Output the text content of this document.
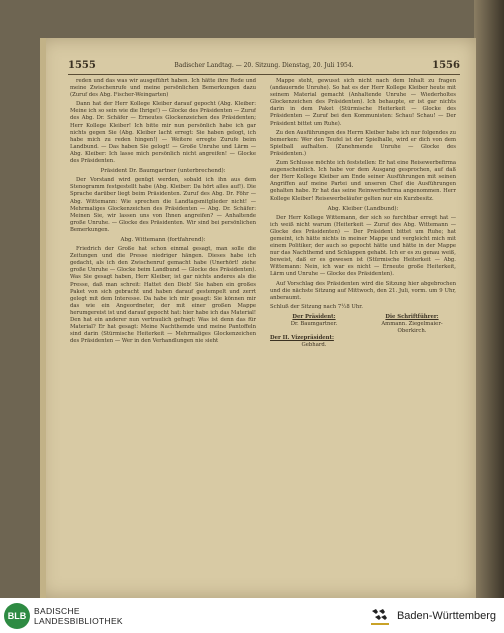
1555	Badischer Landtag. — 20. Sitzung. Dienstag, 20. Juli 1954.	1556

reden und das was wir ausgeführt haben. Ich hätte ihre Rede und meine Zwischenrufe und meine persönlichen Bemerkungen dazu (Zuruf des Abg. Fischer-Weingarten)

Dann hat der Herr Kollege Kleiber darauf gepocht (Abg. Kleiber: Meine ich so sein wie die Ihrige!) — Glocke des Präsidenten — Zuruf des Abg. Dr. Schäfer — Erneutes Glockenzeichen des Präsidenten; Herr Kollege Kleiber! Ich bitte mir nun persönlich habe ich gar nichts gegen Sie (Abg. Kleiber lacht erregt: Sie haben gelogt, ich habe mich zu reden hingen!) — Weitere erregte Zurufe beim Landbund. — Das haben Sie gelogt! — Große Unruhe und Lärm — Abg. Kleiber: Ich lasse mich persönlich nicht angreifen! — Glocke des Präsidenten.

Präsident Dr. Baumgartner (unterbrechend):

Der Vorstand wird genügt werden, sobald ich ihn aus dem Stenogramm festgestellt habe (Abg. Kleiber: Da hört alles auf!). Die Sprache darüber liegt beim Präsidenten. Zuruf des Abg. Dr. Föhr — Abg. Wittemann: Wie sprechen die Landtagsmitglieder nicht! — Mehrmaliges Glockenzeichen des Präsidenten — Abg. Dr. Schäfer: Meinen Sie, wir lassen uns von Ihnen angreifen? — Anhaltende große Unruhe. — Glocke des Präsidenten. Wir sind bei persönlichen Bemerkungen.

Abg. Wittemann (fortfahrend):

Friedrich der Große hat schon einmal gesagt, man solle die Zeitungen und die Presse niedriger hängen. Dieses habe ich gedacht, als ich den Zwischenruf gemacht habe (Unerhört! ziehe große Unruhe — Glocke beim Landbund — Glocke des Präsidenten). Was Sie gesagt haben, Herr Kleiber, ist gar nichts anderes als die Presse, daß man schreit: Hattet den Dieb! Sie haben ein großes Paket von sich gebracht und haben darauf gestempelt und zerrt gelegt mit dem Interesse. Da habe ich mir gesagt: Sie können mir das wie ein Angeordneter, der mit einer großen Mappe herumgereist ist und darauf gepocht hat: hier habe ich das Material! Den hat ein anderer nun vertraulich gefragt: Was ist denn das für Material? Er hat gesagt: Meine Nachthemde und meine Pantoffeln sind darin (Stürmische Heiterkeit — Mehrmaliges Glockenzeichen des Präsidenten — Wer in den Verhandlungen nie sieht

Mappe steht, gewusst sich nicht nach dem Inhalt zu fragen (andauernde Unruhe). So hat es der Herr Kollege Kleiber heute mit seinem Material gemacht (Anhaltende Unruhe — Wiederholtes Glockenzeichen des Präsidenten). Ich behaupte, er ist gar nichts darin in dem Paket (Stürmische Heiterkeit — Glocke des Präsidenten — Zuruf bei den Kommunisten: Schau! Schau! — Der Präsident bittet um Ruhe).

Zu den Ausführungen des Herrn Kleiber habe ich nur folgendes zu bemerken: Wer den Teufel ist der Spielhalle, wird er dich von dem Spielball aufhalten. (Zunehmende Unruhe — Glocke des Präsidenten.)

Zum Schlusse möchte ich feststellen: Er hat eine Reisewerbefirma augenscheinlich. Ich habe vor dem Ausgang gesprochen, auf daß der Herr Kollege Kleiber am Ende seiner Ausführungen mit seinen Angriffen auf meine Partei und unseren Chef die Ausführungen gehalten habe. Er hat das seine Reinwerbefirma angenommen. Herr Kollege Kleiber! Reisewerbeläufer gelten nur ein Kurzbesitz.

Abg. Kleiber (Landbund):

Der Herr Kollege Wittemann, der sich so furchtbar erregt hat — ich weiß nicht warum (Heiterkeit — Zuruf des Abg. Wittemann — Glocke des Präsidenten) — Der Präsident bittet um Ruhe; hat gemeint, ich hätte nichts in meiner Mappe und vergleicht mich mit einem Politiker, der auch so gepocht hätte und hätte in der Mappe nur das Nachthemd und Schlappen gehabt. Ich er es zu genau weiß, beweist, daß er es gewesen ist (Stürmische Heiterkeit — Abg. Wittemann: Nein, ich war es nicht — Erneute große Heiterkeit, Lärm und Unruhe — Glocke des Präsidenten).

Auf Vorschlag des Präsidenten wird die Sitzung hier abgebrochen und die nächste Sitzung auf Mittwoch, den 21. Juli, vorm. um 9 Uhr, anberaumt.

Schluß der Sitzung nach 7½8 Uhr.

Der Präsident:	Die Schriftführer:
Dr. Baumgartner.	Ammann. Ziegelmaier-Oberkirch.
Der II. Vizepräsident:
Gebhard.
BLB BADISCHE
LANDESBIBLIOTHEK	Baden-Württemberg
